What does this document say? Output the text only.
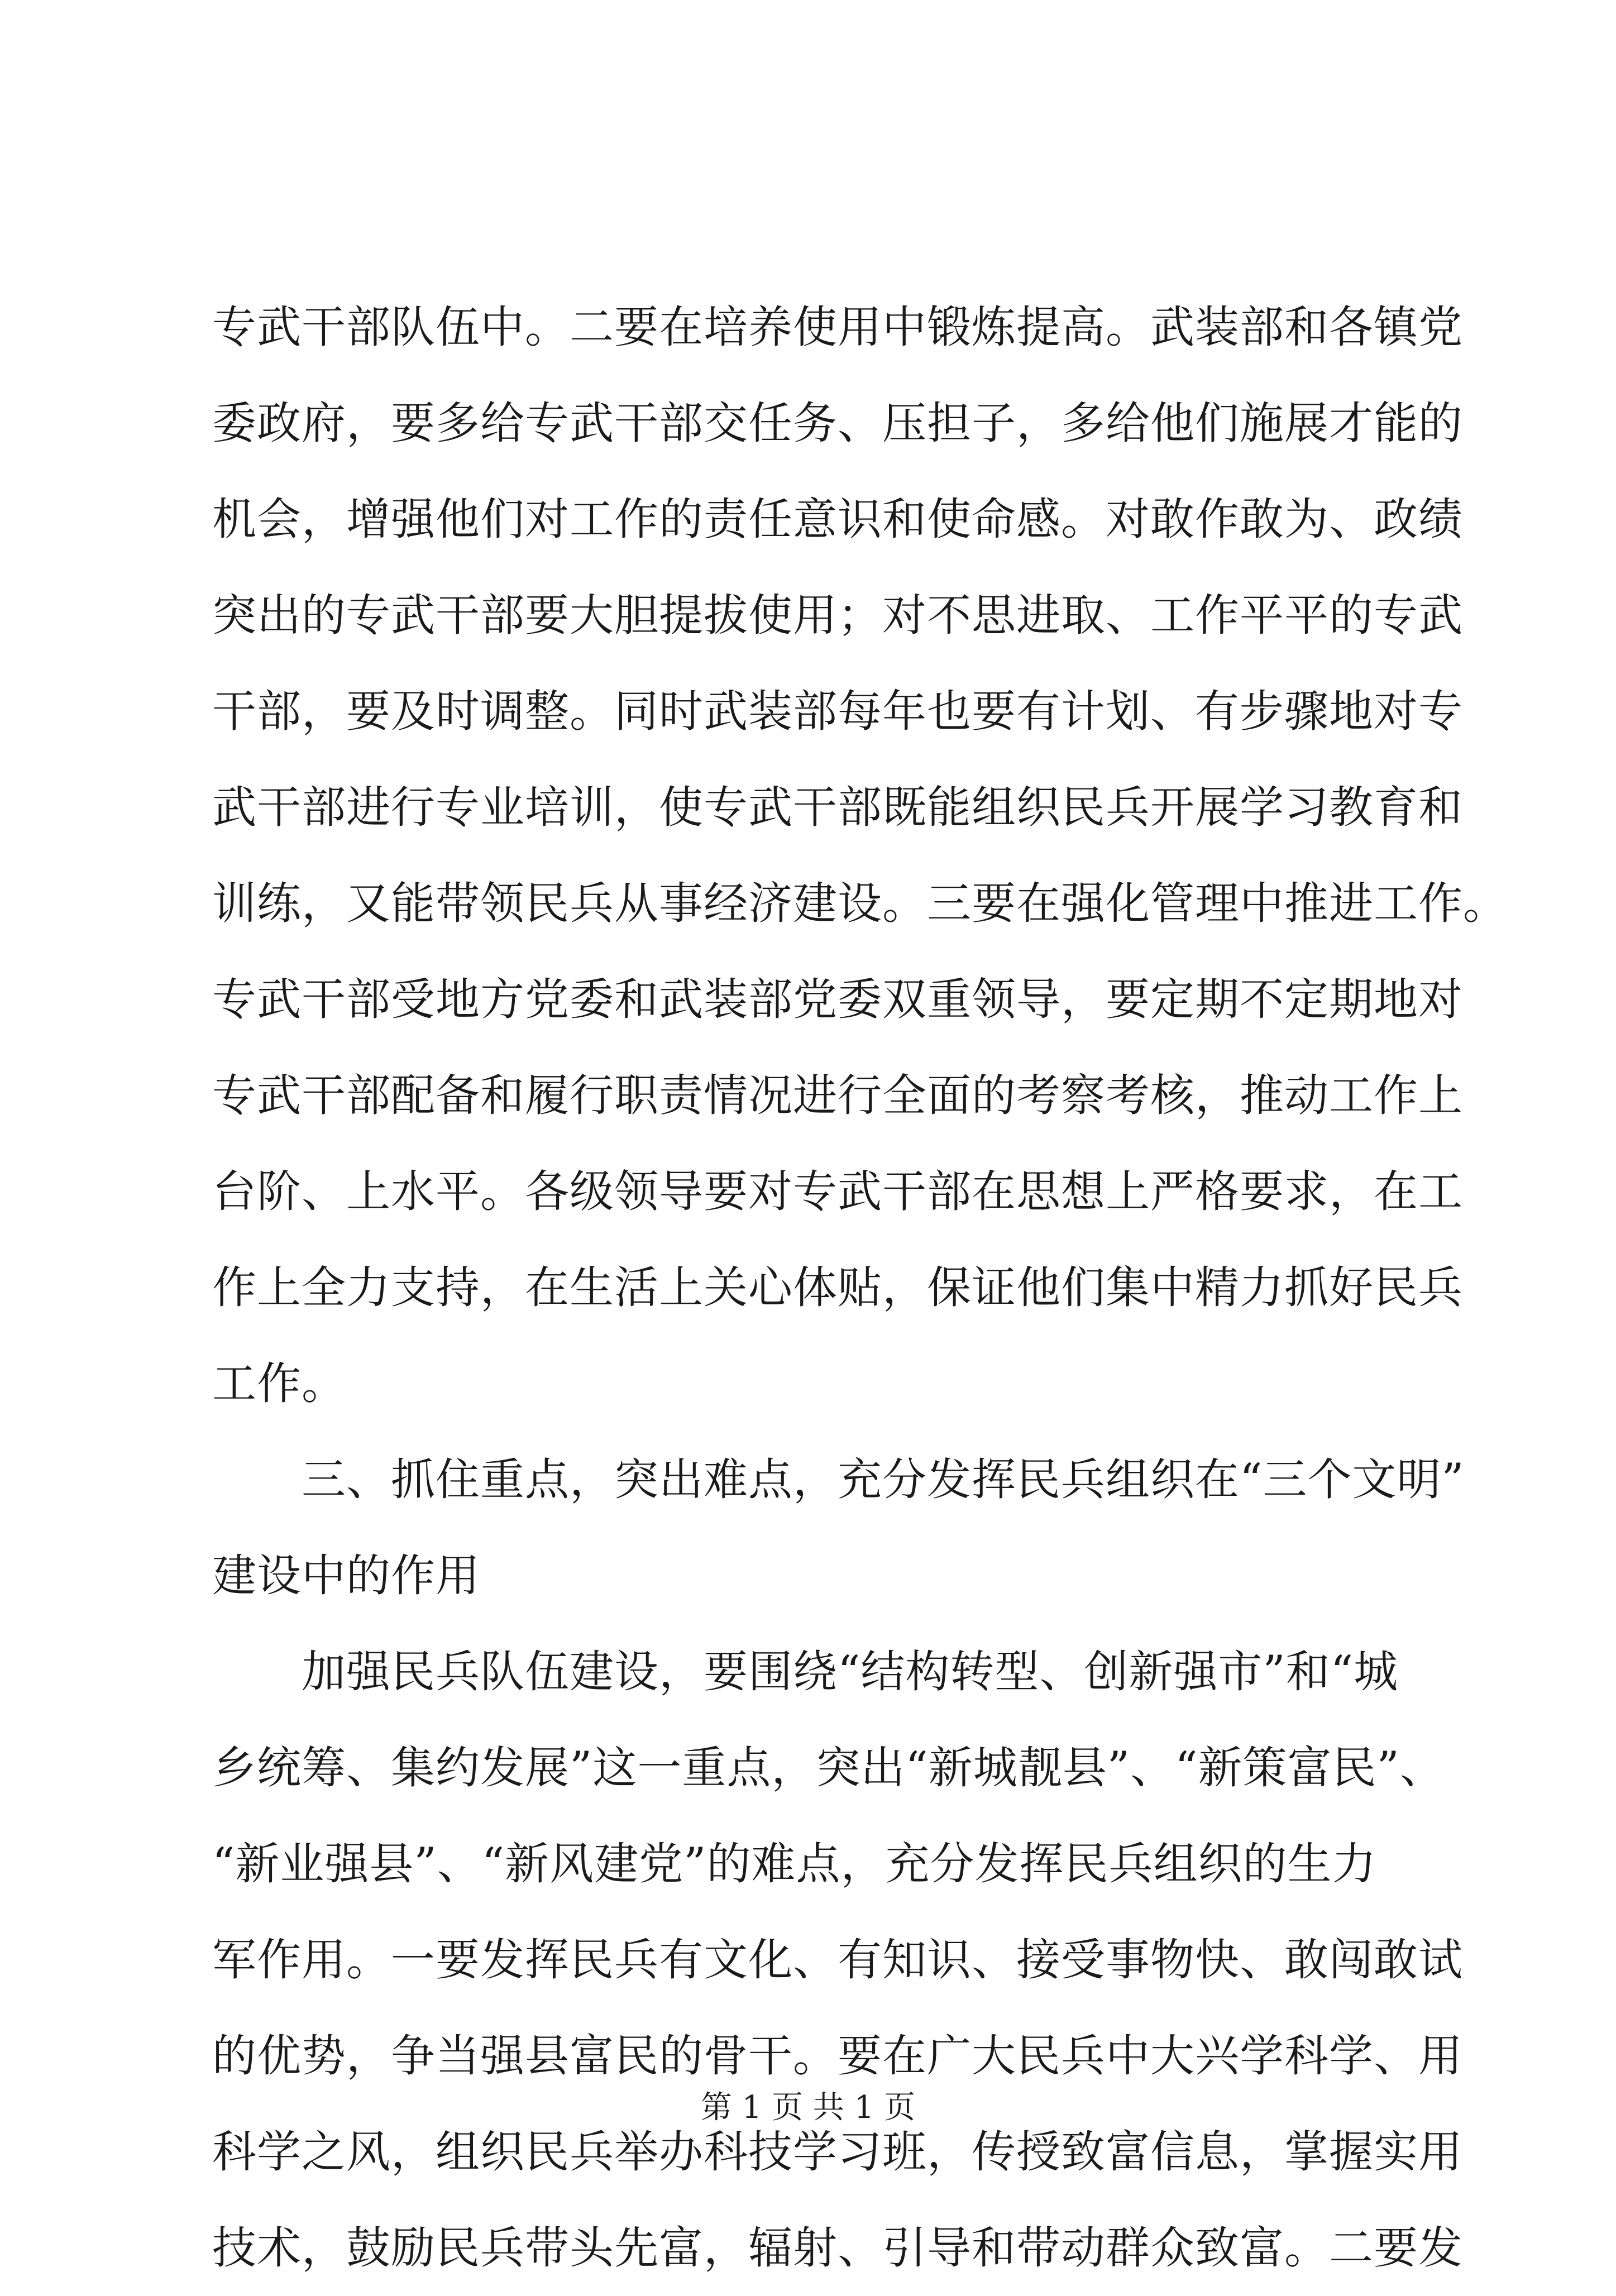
专武干部队伍中。二要在培养使用中锻炼提高。武装部和各镇党
委政府，要多给专武干部交任务、压担子，多给他们施展才能的
机会，增强他们对工作的责任意识和使命感。对敢作敢为、政绩
突出的专武干部要大胆提拔使用；对不思进取、工作平平的专武
干部，要及时调整。同时武装部每年也要有计划、有步骤地对专
武干部进行专业培训，使专武干部既能组织民兵开展学习教育和
训练，又能带领民兵从事经济建设。三要在强化管理中推进工作。
专武干部受地方党委和武装部党委双重领导，要定期不定期地对
专武干部配备和履行职责情况进行全面的考察考核，推动工作上
台阶、上水平。各级领导要对专武干部在思想上严格要求，在工
作上全力支持，在生活上关心体贴，保证他们集中精力抓好民兵
工作。
三、抓住重点，突出难点，充分发挥民兵组织在“三个文明”
建设中的作用
加强民兵队伍建设，要围绕“结构转型、创新强市”和“城
乡统筹、集约发展”这一重点，突出“新城靓县”、“新策富民”、
“新业强县”、“新风建党”的难点，充分发挥民兵组织的生力
军作用。一要发挥民兵有文化、有知识、接受事物快、敢闯敢试
的优势，争当强县富民的骨干。要在广大民兵中大兴学科学、用
科学之风，组织民兵举办科技学习班，传授致富信息，掌握实用
技术，鼓励民兵带头先富，辐射、引导和带动群众致富。二要发
第 1 页 共 1 页
